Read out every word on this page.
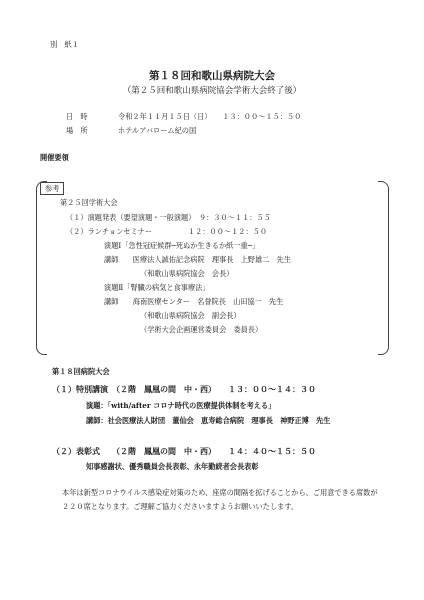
別　紙１
第１８回和歌山県病院大会
（第２５回和歌山県病院協会学術大会終了後）
日　時	令和２年１１月１５日（日）　　１３：００～１５：５０
場　所	ホテルアバローム紀の国
開催要領
参考
第２５回学術大会
（１）演題発表（要望演題・一般演題）　９：３０～１１：５５
（２）ランチョンセミナー　　　　　１２：００～１２：５０
演題Ⅰ「急性冠症候群─死ぬか生きるか紙一重─」
講師　　医療法人誠佑記念病院　理事長　上野雄二　先生
（和歌山県病院協会　会長）
演題Ⅱ「腎臓の病気と食事療法」
講師　　海南医療センター　名誉院長　山田協一　先生
（和歌山県病院協会　副会長）
（学術大会企画運営委員会　委員長）
第１８回病院大会
（１）特別講演　（２階　鳳凰の間　中・西）　　１３：００～１４：３０
演題：「with/after コロナ時代の医療提供体制を考える」
講師：社会医療法人財団　董仙会　恵寿総合病院　理事長　神野正博　先生
（２）表彰式　　（２階　鳳凰の間　中・西）　　１４：４０～１５：５０
知事感謝状、優秀職員会長表彰、永年勤続者会長表彰
本年は新型コロナウイルス感染症対策のため、座席の間隔を拡げることから、ご用意できる席数が２２０席となります。ご理解ご協力くださいますようお願いいたします。
